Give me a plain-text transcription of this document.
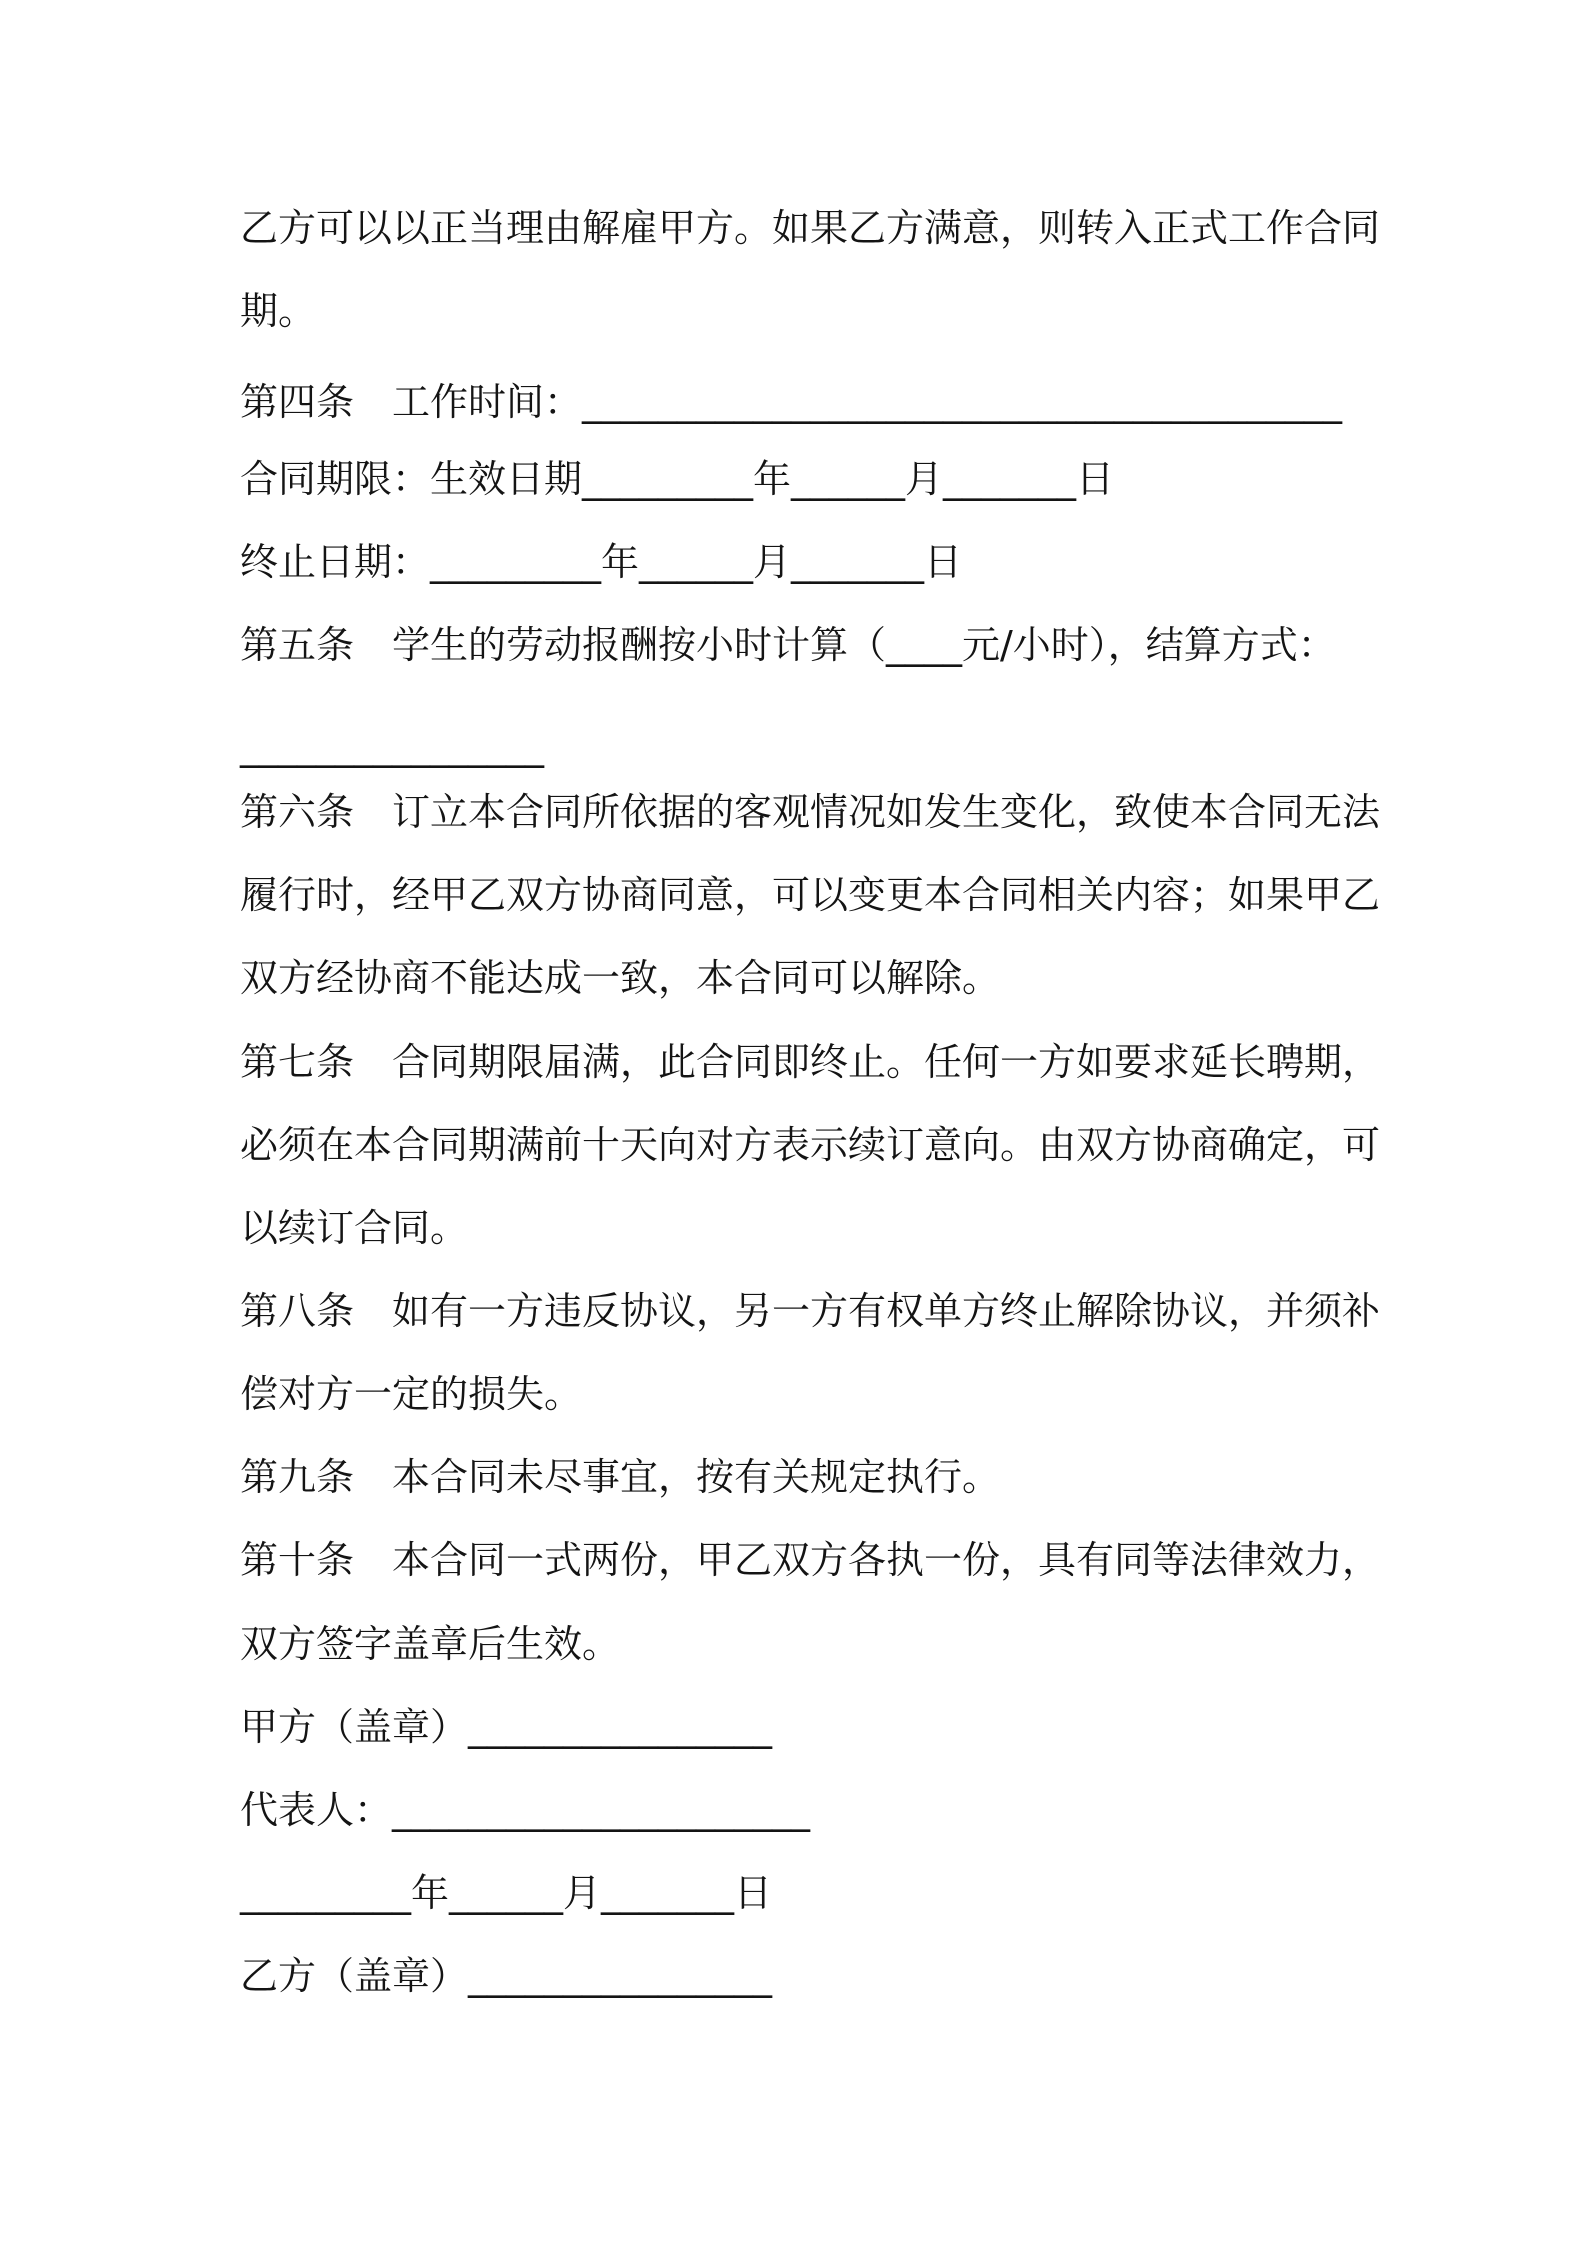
乙方可以以正当理由解雇甲方。如果乙方满意，则转入正式工作合同

期。

第四条　工作时间：________________________________________

合同期限：生效日期_________年______月_______日

终止日期：_________年______月_______日

第五条　学生的劳动报酬按小时计算（____元/小时），结算方式：

________________

第六条　订立本合同所依据的客观情况如发生变化，致使本合同无法

履行时，经甲乙双方协商同意，可以变更本合同相关内容；如果甲乙

双方经协商不能达成一致，本合同可以解除。

第七条　合同期限届满，此合同即终止。任何一方如要求延长聘期，

必须在本合同期满前十天向对方表示续订意向。由双方协商确定，可

以续订合同。

第八条　如有一方违反协议，另一方有权单方终止解除协议，并须补

偿对方一定的损失。

第九条　本合同未尽事宜，按有关规定执行。

第十条　本合同一式两份，甲乙双方各执一份，具有同等法律效力，

双方签字盖章后生效。

甲方（盖章）________________

代表人：______________________

_________年______月_______日

乙方（盖章）________________
